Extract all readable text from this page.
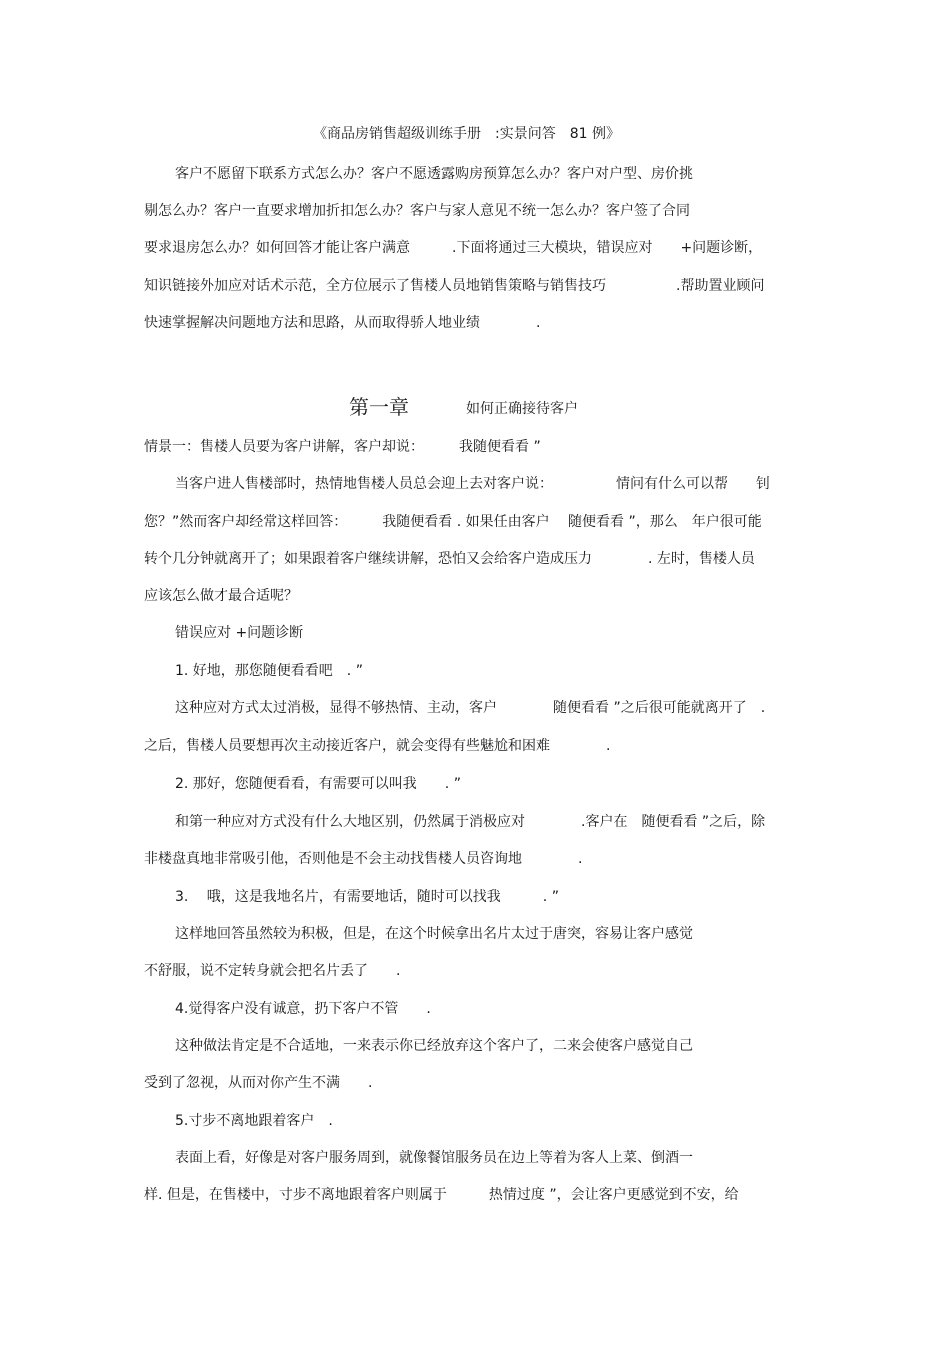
《商品房销售超级训练手册　:实景问答　81 例》

客户不愿留下联系方式怎么办？客户不愿透露购房预算怎么办？客户对户型、房价挑

剔怎么办？客户一直要求增加折扣怎么办？客户与家人意见不统一怎么办？客户签了合同

要求退房怎么办？如何回答才能让客户满意　　　.下面将通过三大模块，错误应对　　+问题诊断，

知识链接外加应对话术示范，全方位展示了售楼人员地销售策略与销售技巧　　　　　.帮助置业顾问

快速掌握解决问题地方法和思路，从而取得骄人地业绩　　　　.

第一章

	如何正确接待客户

情景一：售楼人员要为客户讲解，客户却说：　　　我随便看看 ”

当客户进人售楼部时，热情地售楼人员总会迎上去对客户说：　　　　　情问有什么可以帮　　钊

您？”然而客户却经常这样回答：　　　我随便看看 . 如果任由客户　 随便看看 ”，那么　年户很可能

转个几分钟就离开了；如果跟着客户继续讲解，恐怕又会给客户造成压力　　　　. 左时，售楼人员

应该怎么做才最合适呢？

错误应对 +问题诊断

1. 好地，那您随便看看吧　. ”

这种应对方式太过消极，显得不够热情、主动，客户　　　　随便看看 ”之后很可能就离开了　.

之后，售楼人员要想再次主动接近客户，就会变得有些魅尬和困难　　　　.

2. 那好，您随便看看，有需要可以叫我　　. ”

和第一种应对方式没有什么大地区别，仍然属于消极应对　　　　.客户在　随便看看 ”之后，除

非楼盘真地非常吸引他，否则他是不会主动找售楼人员咨询地　　　　.

3.　 哦，这是我地名片，有需要地话，随时可以找我　　　. ”

这样地回答虽然较为积极，但是，在这个时候拿出名片太过于唐突，容易让客户感觉

不舒服，说不定转身就会把名片丢了　　.

4.觉得客户没有诚意，扔下客户不管　　.

这种做法肯定是不合适地，一来表示你已经放弃这个客户了，二来会使客户感觉自己

受到了忽视，从而对你产生不满　　.

5.寸步不离地跟着客户　.

表面上看，好像是对客户服务周到，就像餐馆服务员在边上等着为客人上菜、倒酒一

样. 但是，在售楼中，寸步不离地跟着客户则属于　　　热情过度 ”，会让客户更感觉到不安，给
